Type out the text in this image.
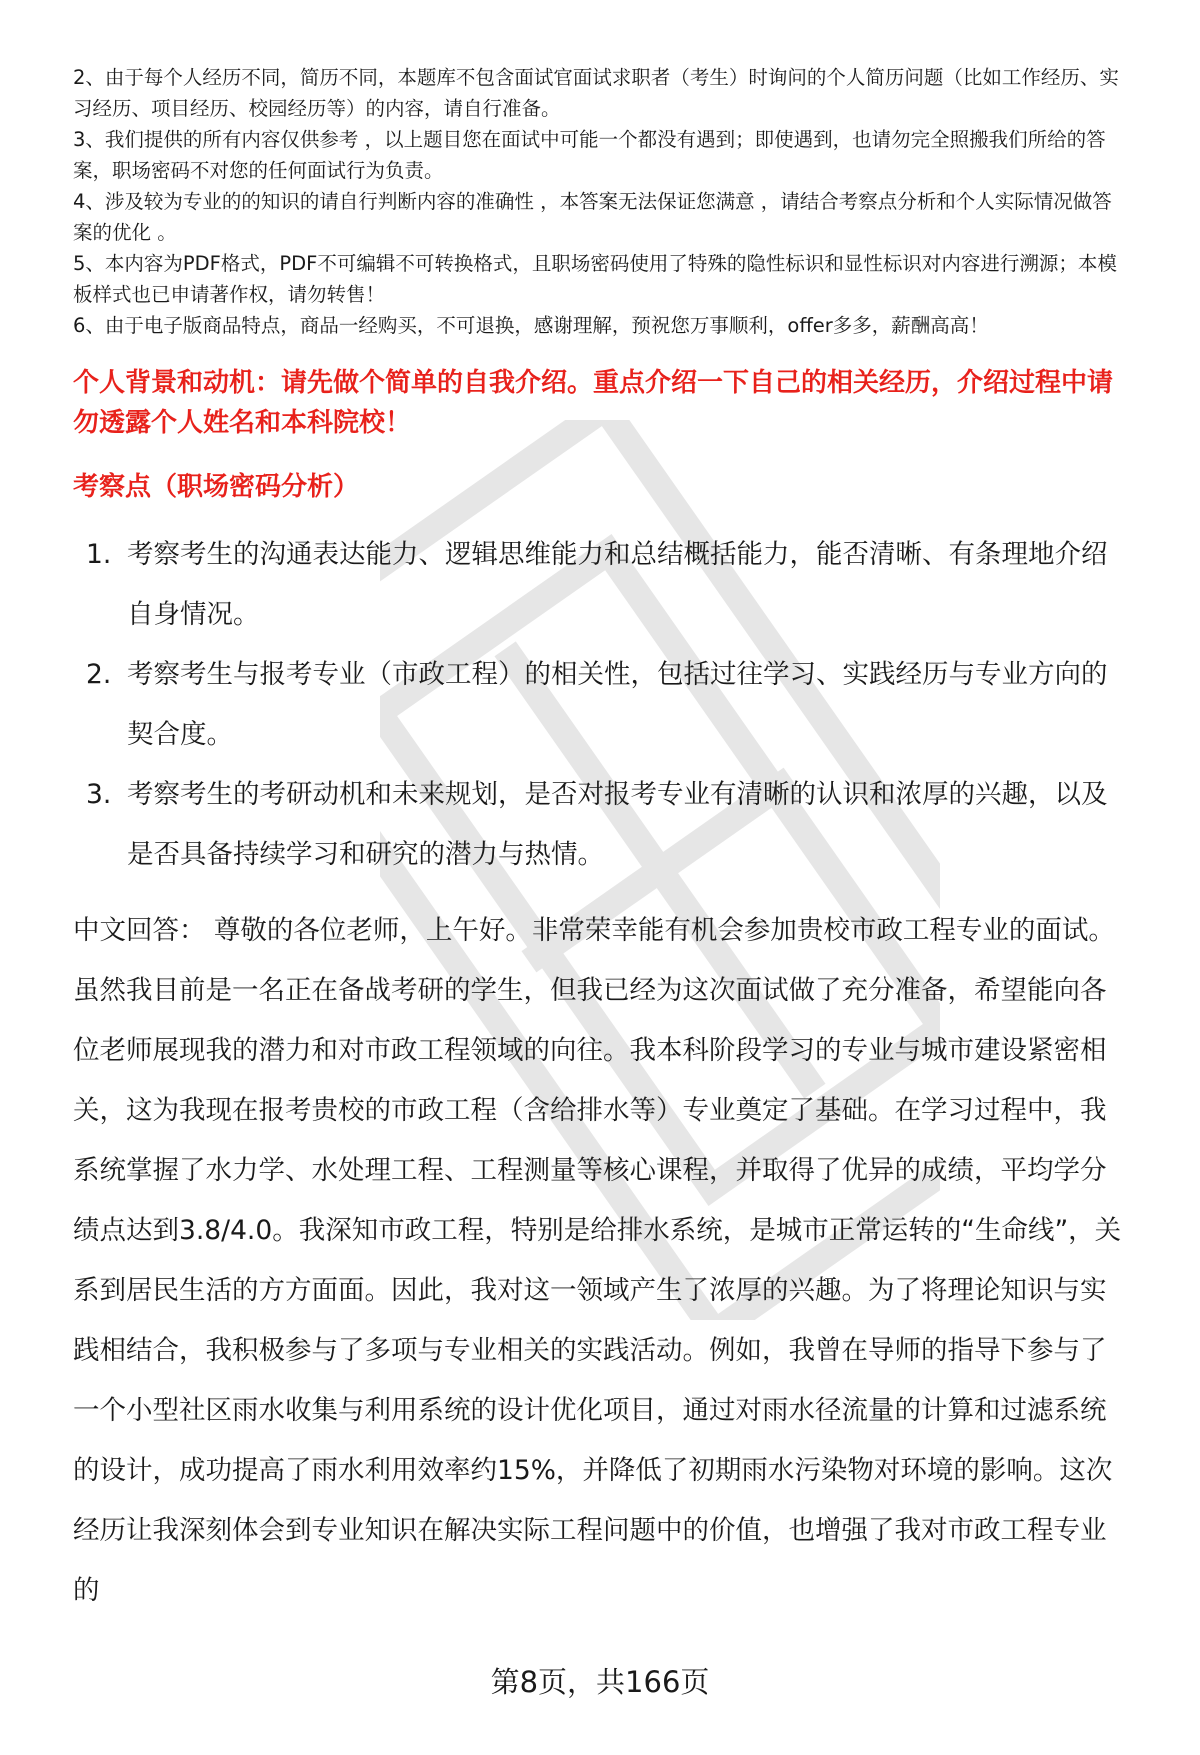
2、由于每个人经历不同，简历不同，本题库不包含面试官面试求职者（考生）时询问的个人简历问题（比如工作经历、实习经历、项目经历、校园经历等）的内容，请自行准备。

3、我们提供的所有内容仅供参考 ，以上题目您在面试中可能一个都没有遇到；即使遇到，也请勿完全照搬我们所给的答案，职场密码不对您的任何面试行为负责。

4、涉及较为专业的的知识的请自行判断内容的准确性 ，本答案无法保证您满意 ，请结合考察点分析和个人实际情况做答案的优化 。

5、本内容为PDF格式，PDF不可编辑不可转换格式，且职场密码使用了特殊的隐性标识和显性标识对内容进行溯源；本模板样式也已申请著作权，请勿转售！

6、由于电子版商品特点，商品一经购买，不可退换，感谢理解，预祝您万事顺利，offer多多，薪酬高高！

个人背景和动机：请先做个简单的自我介绍。重点介绍一下自己的相关经历，介绍过程中请勿透露个人姓名和本科院校！
考察点（职场密码分析）
1. 考察考生的沟通表达能力、逻辑思维能力和总结概括能力，能否清晰、有条理地介绍自身情况。
2. 考察考生与报考专业（市政工程）的相关性，包括过往学习、实践经历与专业方向的契合度。
3. 考察考生的考研动机和未来规划，是否对报考专业有清晰的认识和浓厚的兴趣，以及是否具备持续学习和研究的潜力与热情。

中文回答： 尊敬的各位老师，上午好。非常荣幸能有机会参加贵校市政工程专业的面试。虽然我目前是一名正在备战考研的学生，但我已经为这次面试做了充分准备，希望能向各位老师展现我的潜力和对市政工程领域的向往。我本科阶段学习的专业与城市建设紧密相关，这为我现在报考贵校的市政工程（含给排水等）专业奠定了基础。在学习过程中，我系统掌握了水力学、水处理工程、工程测量等核心课程，并取得了优异的成绩，平均学分绩点达到3.8/4.0。我深知市政工程，特别是给排水系统，是城市正常运转的“生命线”，关系到居民生活的方方面面。因此，我对这一领域产生了浓厚的兴趣。为了将理论知识与实践相结合，我积极参与了多项与专业相关的实践活动。例如，我曾在导师的指导下参与了一个小型社区雨水收集与利用系统的设计优化项目，通过对雨水径流量的计算和过滤系统的设计，成功提高了雨水利用效率约15%，并降低了初期雨水污染物对环境的影响。这次经历让我深刻体会到专业知识在解决实际工程问题中的价值，也增强了我对市政工程专业的

第8页，共166页
